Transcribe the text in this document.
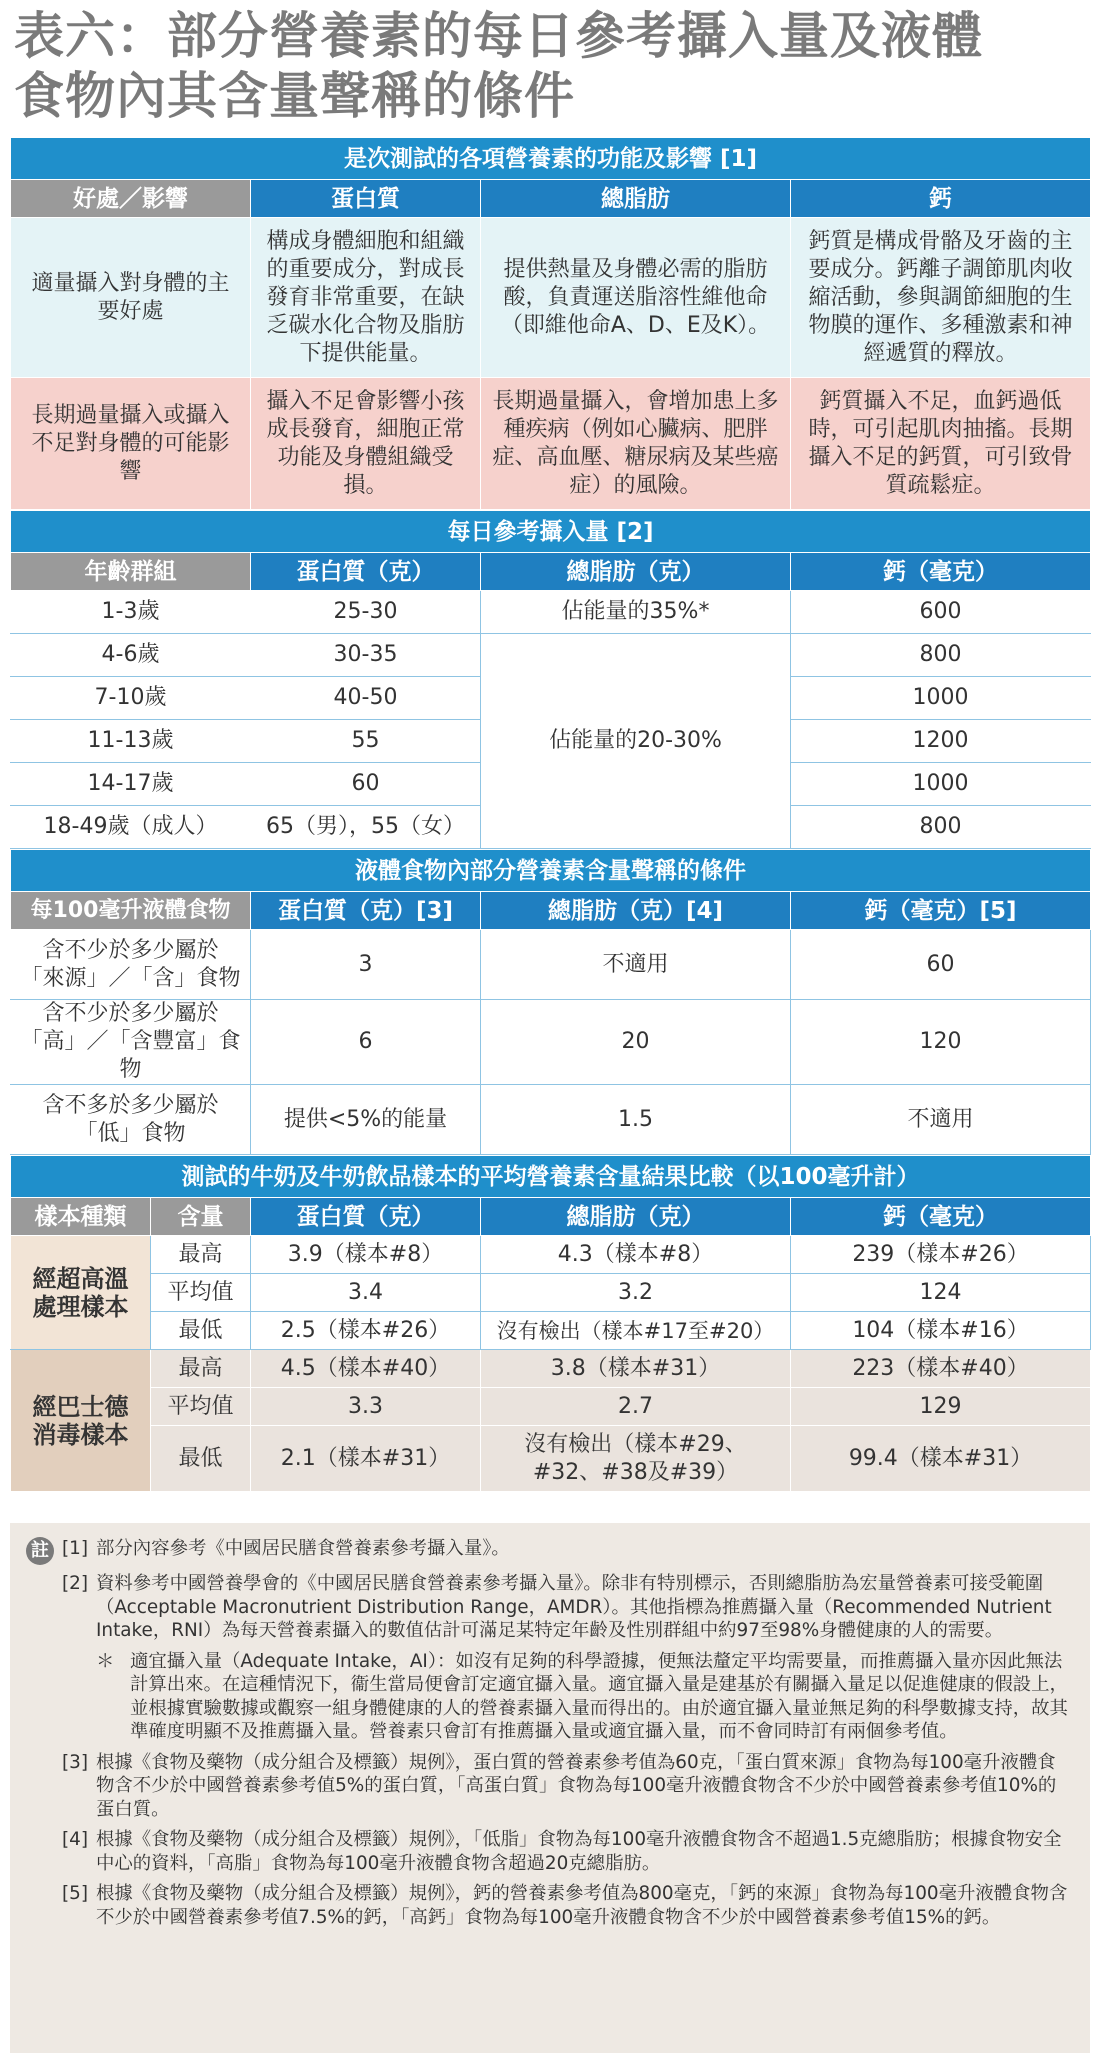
表六：部分營養素的每日參考攝入量及液體
食物內其含量聲稱的條件
是次測試的各項營養素的功能及影響 [1]			
好處／影響	蛋白質	總脂肪	鈣
適量攝入對身體的主要好處	構成身體細胞和組織的重要成分，對成長發育非常重要，在缺乏碳水化合物及脂肪下提供能量。	提供熱量及身體必需的脂肪酸，負責運送脂溶性維他命（即維他命A、D、E及K）。	鈣質是構成骨骼及牙齒的主要成分。鈣離子調節肌肉收縮活動，參與調節細胞的生物膜的運作、多種激素和神經遞質的釋放。
長期過量攝入或攝入不足對身體的可能影響	攝入不足會影響小孩成長發育，細胞正常功能及身體組織受損。	長期過量攝入，會增加患上多種疾病（例如心臟病、肥胖症、高血壓、糖尿病及某些癌症）的風險。	鈣質攝入不足，血鈣過低時，可引起肌肉抽搐。長期攝入不足的鈣質，可引致骨質疏鬆症。
每日參考攝入量 [2]			
年齡群組	蛋白質（克）	總脂肪（克）	鈣（毫克）
1-3歲	25-30	佔能量的35%*	600
4-6歲	30-35	佔能量的20-30%	800
7-10歲	40-50		1000
11-13歲	55		1200
14-17歲	60		1000
18-49歲（成人）	65（男），55（女）		800
液體食物內部分營養素含量聲稱的條件			
每100毫升液體食物	蛋白質（克）[3]	總脂肪（克）[4]	鈣（毫克）[5]

含不少於多少屬於
「來源」／「含」食物	3	不適用	60

含不少於多少屬於
「高」／「含豐富」食物	6	20	120

含不多於多少屬於
「低」食物	提供<5%的能量	1.5	不適用
測試的牛奶及牛奶飲品樣本的平均營養素含量結果比較（以100毫升計）				
樣本種類	含量	蛋白質（克）	總脂肪（克）	鈣（毫克）

經超高溫
處理樣本	最高	3.9（樣本#8）	4.3（樣本#8）	239（樣本#26）
	平均值	3.4	3.2	124
	最低	2.5（樣本#26）	沒有檢出（樣本#17至#20）	104（樣本#16）

經巴士德
消毒樣本	最高	4.5（樣本#40）	3.8（樣本#31）	223（樣本#40）
	平均值	3.3	2.7	129
	最低	2.1（樣本#31）	沒有檢出（樣本#29、
#32、#38及#39）	99.4（樣本#31）
註 [1] 部分內容參考《中國居民膳食營養素參考攝入量》。
[2] 資料參考中國營養學會的《中國居民膳食營養素參考攝入量》。除非有特別標示，否則總脂肪為宏量營養素可接受範圍（Acceptable Macronutrient Distribution Range，AMDR）。其他指標為推薦攝入量（Recommended Nutrient Intake，RNI）為每天營養素攝入的數值估計可滿足某特定年齡及性別群組中約97至98%身體健康的人的需要。
＊ 適宜攝入量（Adequate Intake，AI）：如沒有足夠的科學證據，便無法釐定平均需要量，而推薦攝入量亦因此無法計算出來。在這種情況下，衞生當局便會訂定適宜攝入量。適宜攝入量是建基於有關攝入量足以促進健康的假設上，並根據實驗數據或觀察一組身體健康的人的營養素攝入量而得出的。由於適宜攝入量並無足夠的科學數據支持，故其準確度明顯不及推薦攝入量。營養素只會訂有推薦攝入量或適宜攝入量，而不會同時訂有兩個參考值。
[3] 根據《食物及藥物（成分組合及標籤）規例》，蛋白質的營養素參考值為60克，「蛋白質來源」食物為每100毫升液體食物含不少於中國營養素參考值5%的蛋白質，「高蛋白質」食物為每100毫升液體食物含不少於中國營養素參考值10%的蛋白質。
[4] 根據《食物及藥物（成分組合及標籤）規例》，「低脂」食物為每100毫升液體食物含不超過1.5克總脂肪；根據食物安全中心的資料，「高脂」食物為每100毫升液體食物含超過20克總脂肪。
[5] 根據《食物及藥物（成分組合及標籤）規例》，鈣的營養素參考值為800毫克，「鈣的來源」食物為每100毫升液體食物含不少於中國營養素參考值7.5%的鈣，「高鈣」食物為每100毫升液體食物含不少於中國營養素參考值15%的鈣。
